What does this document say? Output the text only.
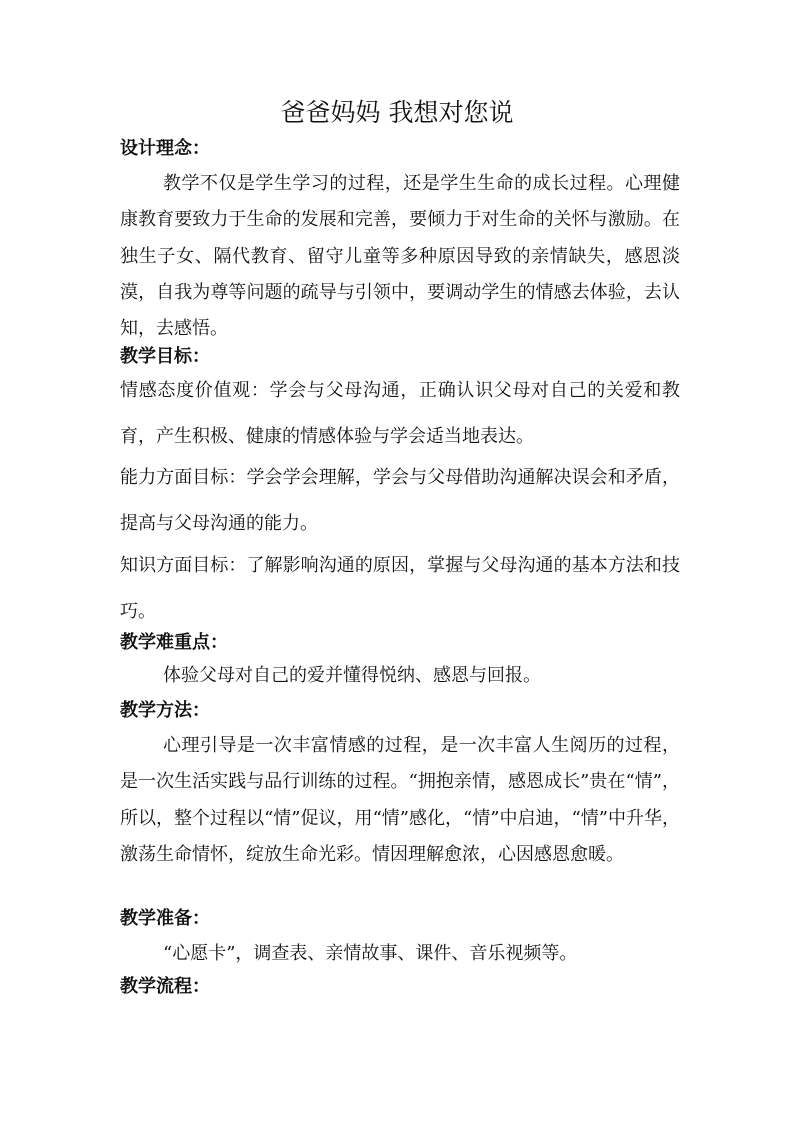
爸爸妈妈 我想对您说
设计理念：
教学不仅是学生学习的过程，还是学生生命的成长过程。心理健康教育要致力于生命的发展和完善，要倾力于对生命的关怀与激励。在独生子女、隔代教育、留守儿童等多种原因导致的亲情缺失，感恩淡漠，自我为尊等问题的疏导与引领中，要调动学生的情感去体验，去认知，去感悟。
教学目标：
情感态度价值观：学会与父母沟通，正确认识父母对自己的关爱和教育，产生积极、健康的情感体验与学会适当地表达。
能力方面目标：学会学会理解，学会与父母借助沟通解决误会和矛盾，提高与父母沟通的能力。
知识方面目标：了解影响沟通的原因，掌握与父母沟通的基本方法和技巧。
教学难重点：
体验父母对自己的爱并懂得悦纳、感恩与回报。
教学方法：
心理引导是一次丰富情感的过程，是一次丰富人生阅历的过程，是一次生活实践与品行训练的过程。“拥抱亲情，感恩成长”贵在“情”，所以，整个过程以“情”促议，用“情”感化，“情”中启迪，“情”中升华，激荡生命情怀，绽放生命光彩。情因理解愈浓，心因感恩愈暖。
教学准备：
“心愿卡”，调查表、亲情故事、课件、音乐视频等。
教学流程：
